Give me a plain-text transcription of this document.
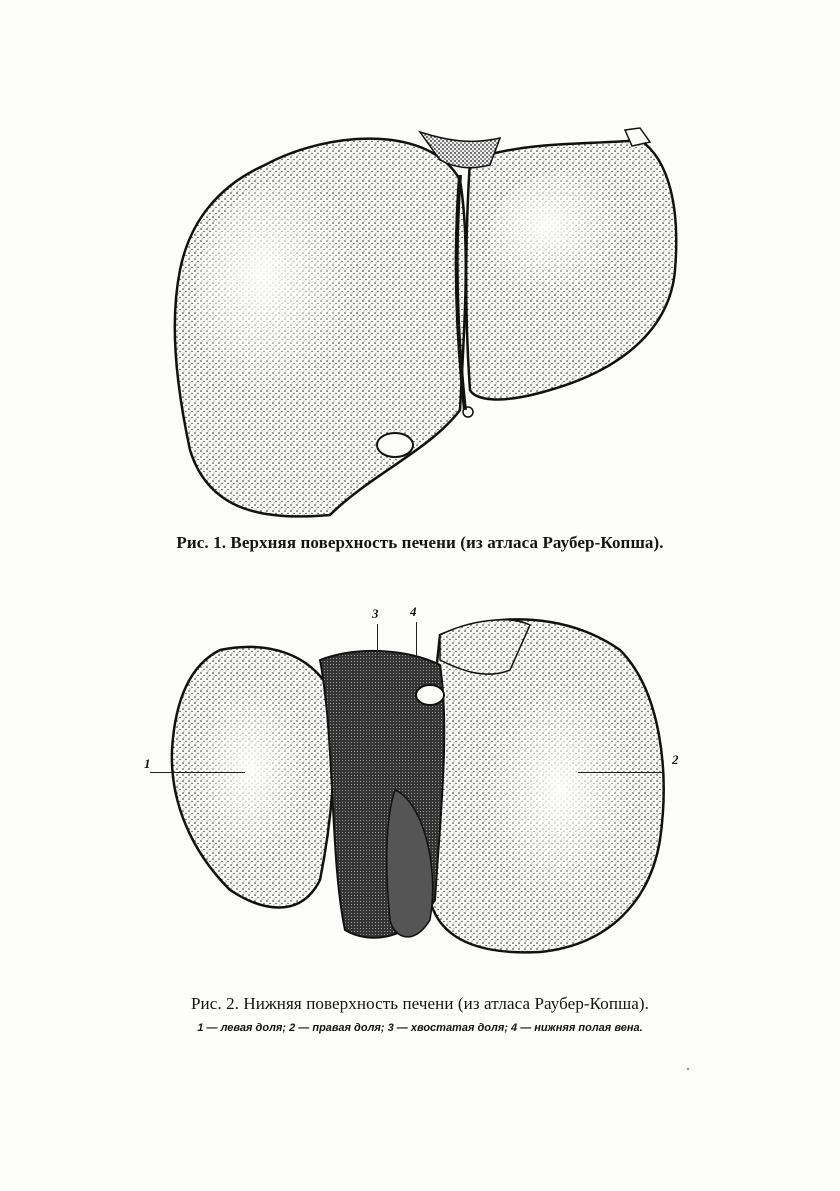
Рис. 1. Верхняя поверхность печени (из атласа Раубер-Копша).
1	2
3 4
Рис. 2. Нижняя поверхность печени (из атласа Раубер-Копша).
1 — левая доля; 2 — правая доля; 3 — хвостатая доля; 4 — нижняя полая вена.
